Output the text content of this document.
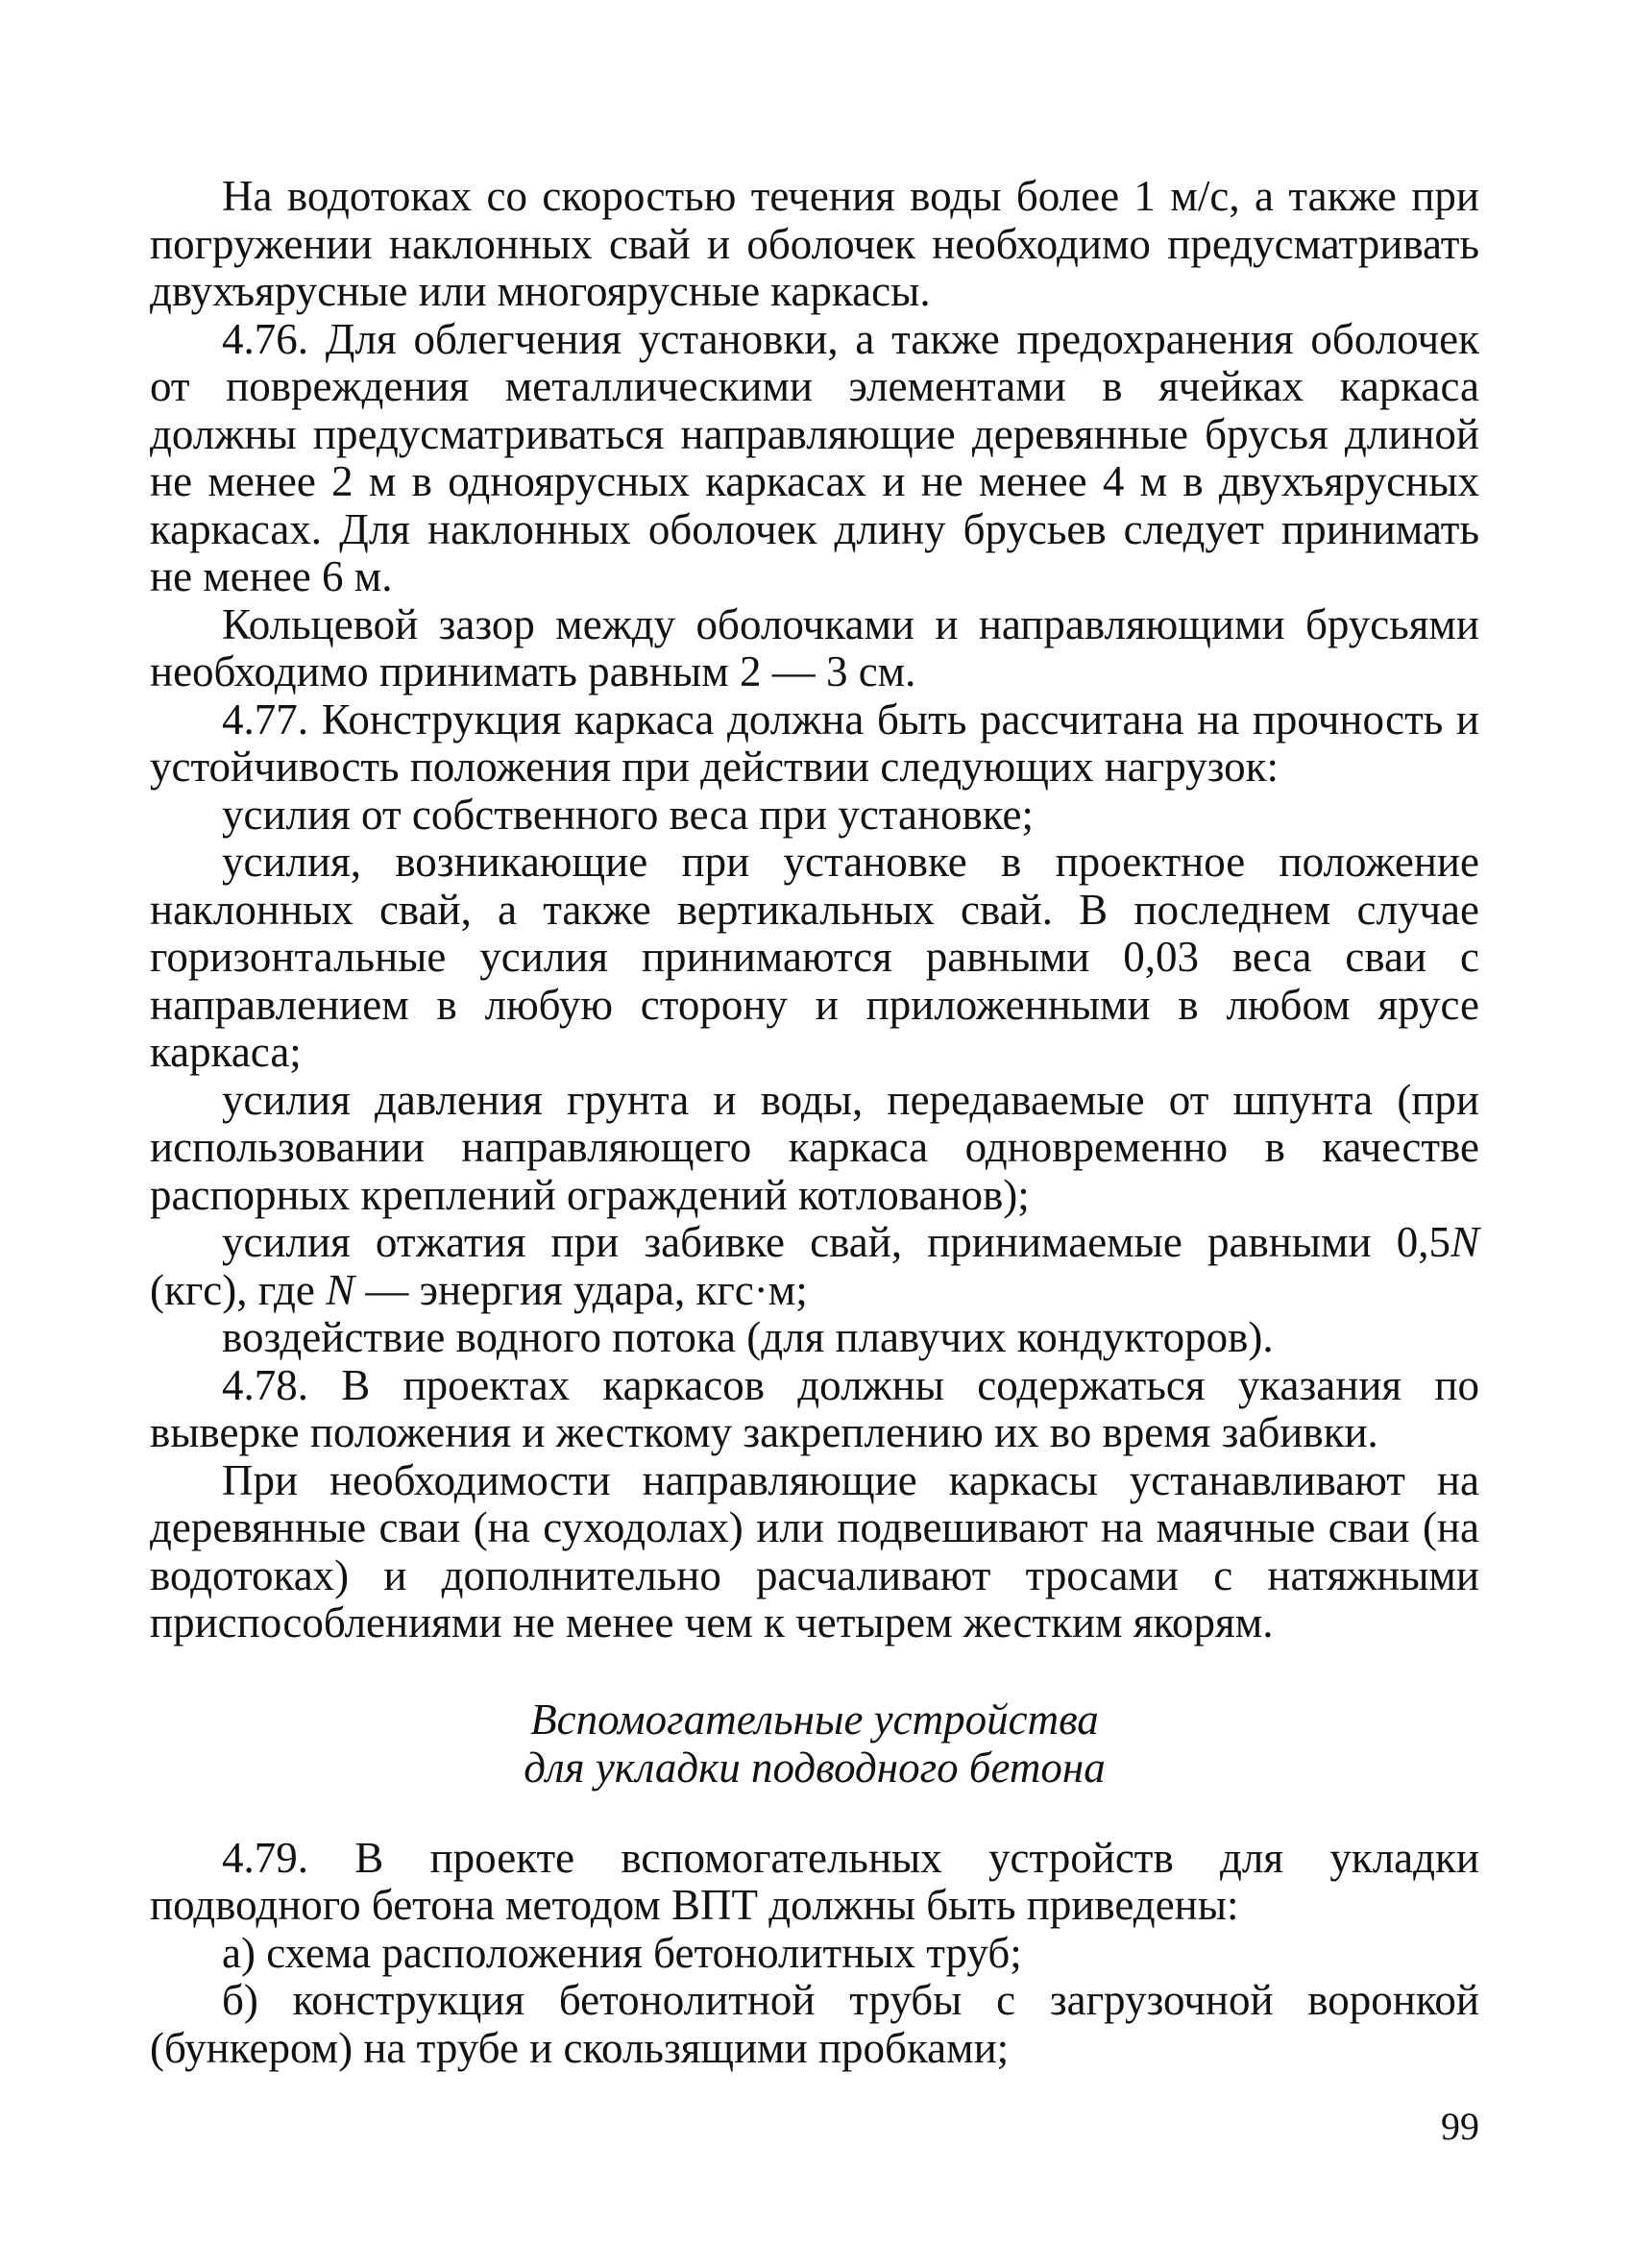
На водотоках со скоростью течения воды более 1 м/с, а также при погружении наклонных свай и оболочек необходимо предусматривать двухъярусные или многоярусные каркасы.

4.76. Для облегчения установки, а также предохранения оболочек от повреждения металлическими элементами в ячейках каркаса должны предусматриваться направляющие деревянные брусья длиной не менее 2 м в одноярусных каркасах и не менее 4 м в двухъярусных каркасах. Для наклонных оболочек длину брусьев следует принимать не менее 6 м.

Кольцевой зазор между оболочками и направляющими брусьями необходимо принимать равным 2 — 3 см.

4.77. Конструкция каркаса должна быть рассчитана на прочность и устойчивость положения при действии следующих нагрузок:

усилия от собственного веса при установке;

усилия, возникающие при установке в проектное положение наклонных свай, а также вертикальных свай. В последнем случае горизонтальные усилия принимаются равными 0,03 веса сваи с направлением в любую сторону и приложенными в любом ярусе каркаса;

усилия давления грунта и воды, передаваемые от шпунта (при использовании направляющего каркаса одновременно в качестве распорных креплений ограждений котлованов);

усилия отжатия при забивке свай, принимаемые равными 0,5N (кгс), где N — энергия удара, кгс·м;

воздействие водного потока (для плавучих кондукторов).

4.78. В проектах каркасов должны содержаться указания по выверке положения и жесткому закреплению их во время забивки.

При необходимости направляющие каркасы устанавливают на деревянные сваи (на суходолах) или подвешивают на маячные сваи (на водотоках) и дополнительно расчаливают тросами с натяжными приспособлениями не менее чем к четырем жестким якорям.

Вспомогательные устройства
для укладки подводного бетона

4.79. В проекте вспомогательных устройств для укладки подводного бетона методом ВПТ должны быть приведены:

а) схема расположения бетонолитных труб;

б) конструкция бетонолитной трубы с загрузочной воронкой (бункером) на трубе и скользящими пробками;

99
